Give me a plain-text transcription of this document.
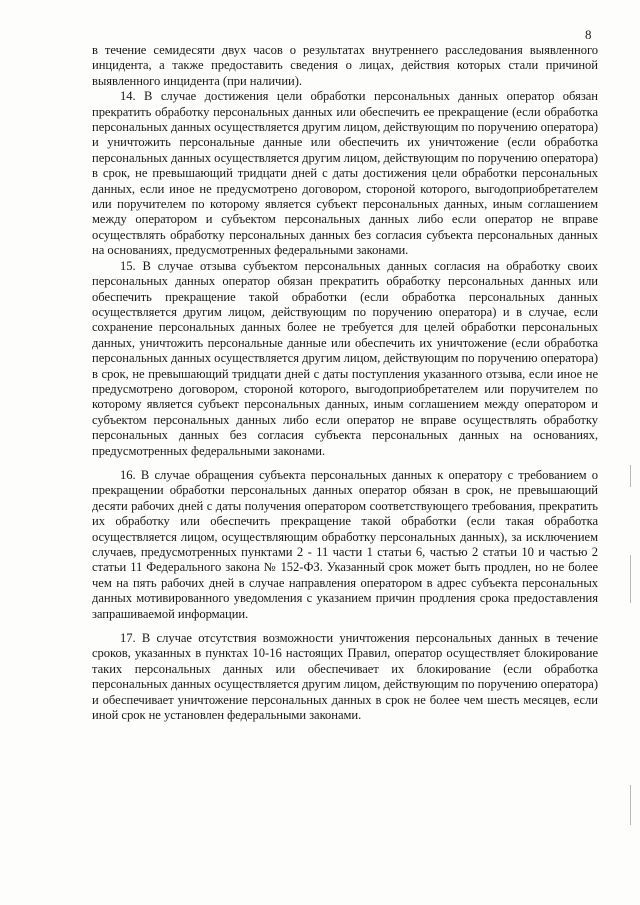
8

в течение семидесяти двух часов о результатах внутреннего расследования выявленного инцидента, а также предоставить сведения о лицах, действия которых стали причиной выявленного инцидента (при наличии).

14. В случае достижения цели обработки персональных данных оператор обязан прекратить обработку персональных данных или обеспечить ее прекращение (если обработка персональных данных осуществляется другим лицом, действующим по поручению оператора) и уничтожить персональные данные или обеспечить их уничтожение (если обработка персональных данных осуществляется другим лицом, действующим по поручению оператора) в срок, не превышающий тридцати дней с даты достижения цели обработки персональных данных, если иное не предусмотрено договором, стороной которого, выгодоприобретателем или поручителем по которому является субъект персональных данных, иным соглашением между оператором и субъектом персональных данных либо если оператор не вправе осуществлять обработку персональных данных без согласия субъекта персональных данных на основаниях, предусмотренных федеральными законами.

15. В случае отзыва субъектом персональных данных согласия на обработку своих персональных данных оператор обязан прекратить обработку персональных данных или обеспечить прекращение такой обработки (если обработка персональных данных осуществляется другим лицом, действующим по поручению оператора) и в случае, если сохранение персональных данных более не требуется для целей обработки персональных данных, уничтожить персональные данные или обеспечить их уничтожение (если обработка персональных данных осуществляется другим лицом, действующим по поручению оператора) в срок, не превышающий тридцати дней с даты поступления указанного отзыва, если иное не предусмотрено договором, стороной которого, выгодоприобретателем или поручителем по которому является субъект персональных данных, иным соглашением между оператором и субъектом персональных данных либо если оператор не вправе осуществлять обработку персональных данных без согласия субъекта персональных данных на основаниях, предусмотренных федеральными законами.

16. В случае обращения субъекта персональных данных к оператору с требованием о прекращении обработки персональных данных оператор обязан в срок, не превышающий десяти рабочих дней с даты получения оператором соответствующего требования, прекратить их обработку или обеспечить прекращение такой обработки (если такая обработка осуществляется лицом, осуществляющим обработку персональных данных), за исключением случаев, предусмотренных пунктами 2 - 11 части 1 статьи 6, частью 2 статьи 10 и частью 2 статьи 11 Федерального закона № 152-ФЗ. Указанный срок может быть продлен, но не более чем на пять рабочих дней в случае направления оператором в адрес субъекта персональных данных мотивированного уведомления с указанием причин продления срока предоставления запрашиваемой информации.

17. В случае отсутствия возможности уничтожения персональных данных в течение сроков, указанных в пунктах 10-16 настоящих Правил, оператор осуществляет блокирование таких персональных данных или обеспечивает их блокирование (если обработка персональных данных осуществляется другим лицом, действующим по поручению оператора) и обеспечивает уничтожение персональных данных в срок не более чем шесть месяцев, если иной срок не установлен федеральными законами.
